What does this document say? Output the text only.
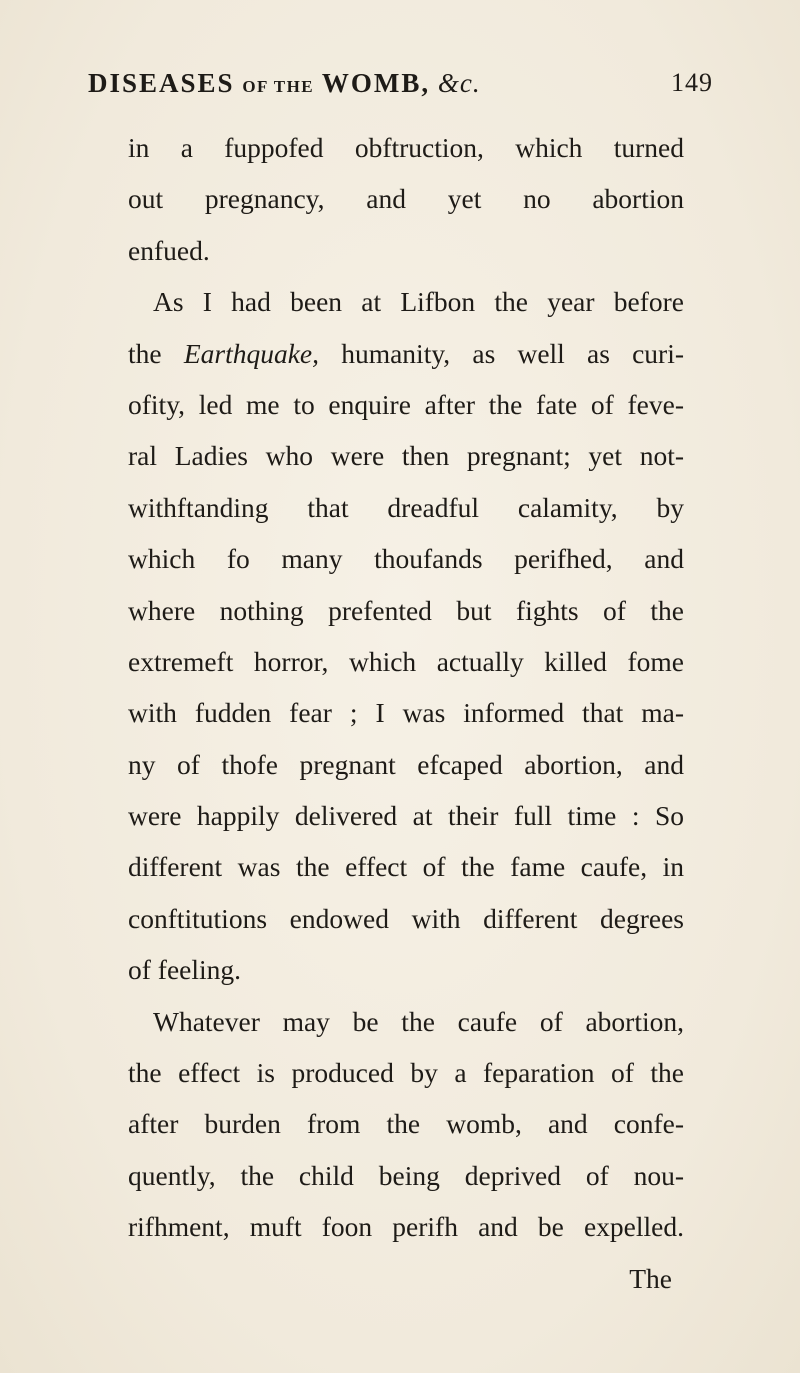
DISEASES OF THE WOMB, &c.	149
in a fuppofed obftruction, which turned
out pregnancy, and yet no abortion
enfued.
As I had been at Lifbon the year before
the Earthquake, humanity, as well as curi-
ofity, led me to enquire after the fate of feve-
ral Ladies who were then pregnant; yet not-
withftanding that dreadful calamity, by
which fo many thoufands perifhed, and
where nothing prefented but fights of the
extremeft horror, which actually killed fome
with fudden fear ; I was informed that ma-
ny of thofe pregnant efcaped abortion, and
were happily delivered at their full time : So
different was the effect of the fame caufe, in
conftitutions endowed with different degrees
of feeling.
Whatever may be the caufe of abortion,
the effect is produced by a feparation of the
after burden from the womb, and confe-
quently, the child being deprived of nou-
rifhment, muft foon perifh and be expelled.
The
